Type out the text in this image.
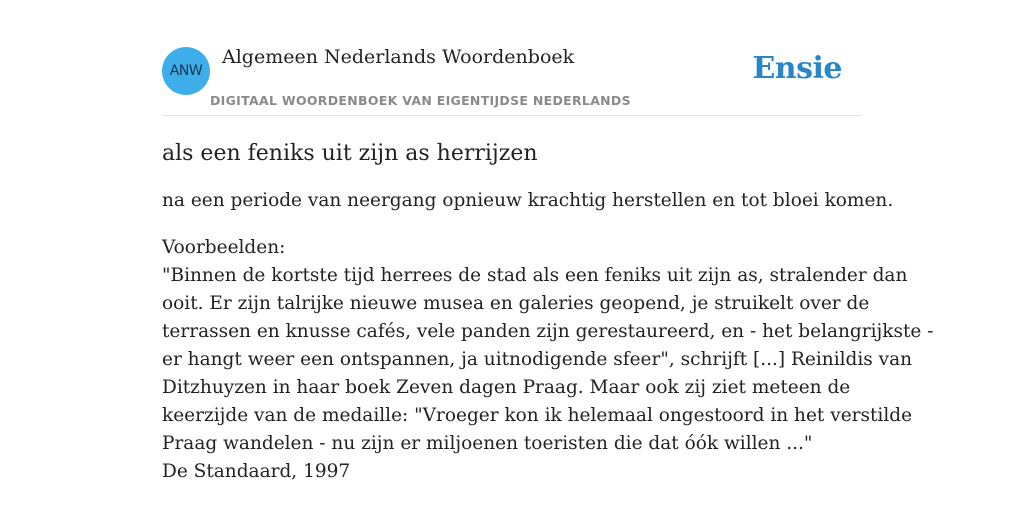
ANW
Algemeen Nederlands Woordenboek
DIGITAAL WOORDENBOEK VAN EIGENTIJDSE NEDERLANDS
Ensie
als een feniks uit zijn as herrijzen

na een periode van neergang opnieuw krachtig herstellen en tot bloei komen.

Voorbeelden:
"Binnen de kortste tijd herrees de stad als een feniks uit zijn as, stralender dan
ooit. Er zijn talrijke nieuwe musea en galeries geopend, je struikelt over de
terrassen en knusse cafés, vele panden zijn gerestaureerd, en - het belangrijkste -
er hangt weer een ontspannen, ja uitnodigende sfeer", schrijft [...] Reinildis van
Ditzhuyzen in haar boek Zeven dagen Praag. Maar ook zij ziet meteen de
keerzijde van de medaille: "Vroeger kon ik helemaal ongestoord in het verstilde
Praag wandelen - nu zijn er miljoenen toeristen die dat óók willen ..."
De Standaard, 1997
